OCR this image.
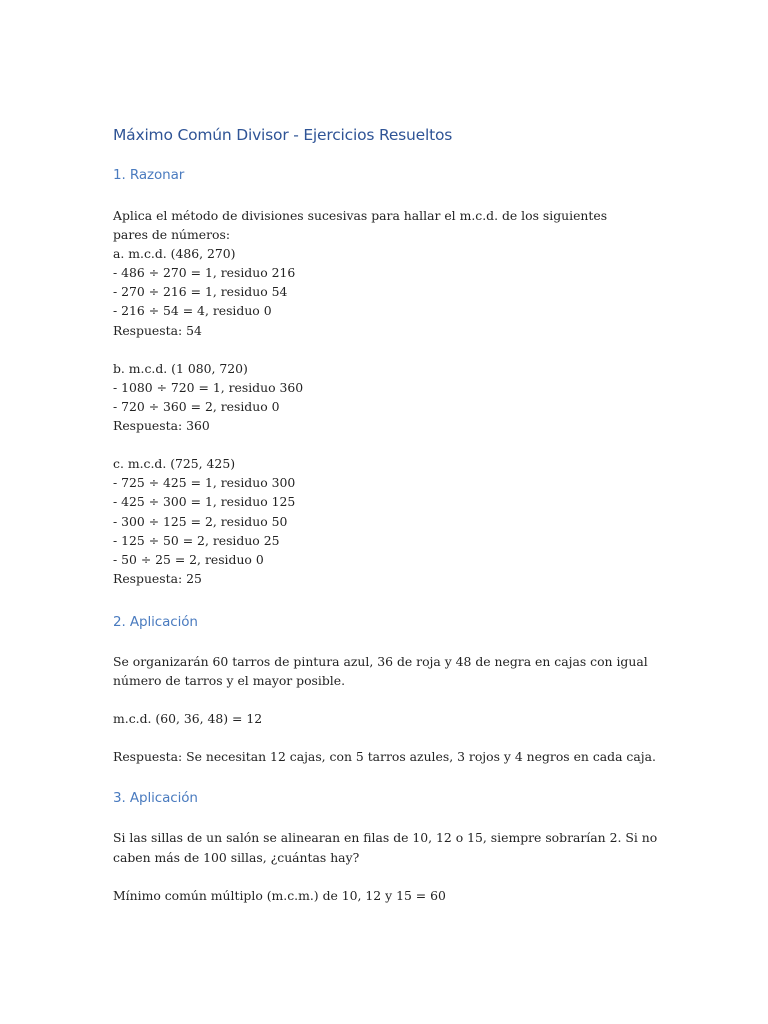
Máximo Común Divisor - Ejercicios Resueltos
1. Razonar

Aplica el método de divisiones sucesivas para hallar el m.c.d. de los siguientes pares de números:

a. m.c.d. (486, 270)

- 486 ÷ 270 = 1, residuo 216

- 270 ÷ 216 = 1, residuo 54

- 216 ÷ 54 = 4, residuo 0

Respuesta: 54

b. m.c.d. (1 080, 720)

- 1080 ÷ 720 = 1, residuo 360

- 720 ÷ 360 = 2, residuo 0

Respuesta: 360

c. m.c.d. (725, 425)

- 725 ÷ 425 = 1, residuo 300

- 425 ÷ 300 = 1, residuo 125

- 300 ÷ 125 = 2, residuo 50

- 125 ÷ 50 = 2, residuo 25

- 50 ÷ 25 = 2, residuo 0

Respuesta: 25

2. Aplicación

Se organizarán 60 tarros de pintura azul, 36 de roja y 48 de negra en cajas con igual número de tarros y el mayor posible.

m.c.d. (60, 36, 48) = 12

Respuesta: Se necesitan 12 cajas, con 5 tarros azules, 3 rojos y 4 negros en cada caja.

3. Aplicación

Si las sillas de un salón se alinearan en filas de 10, 12 o 15, siempre sobrarían 2. Si no caben más de 100 sillas, ¿cuántas hay?

Mínimo común múltiplo (m.c.m.) de 10, 12 y 15 = 60
